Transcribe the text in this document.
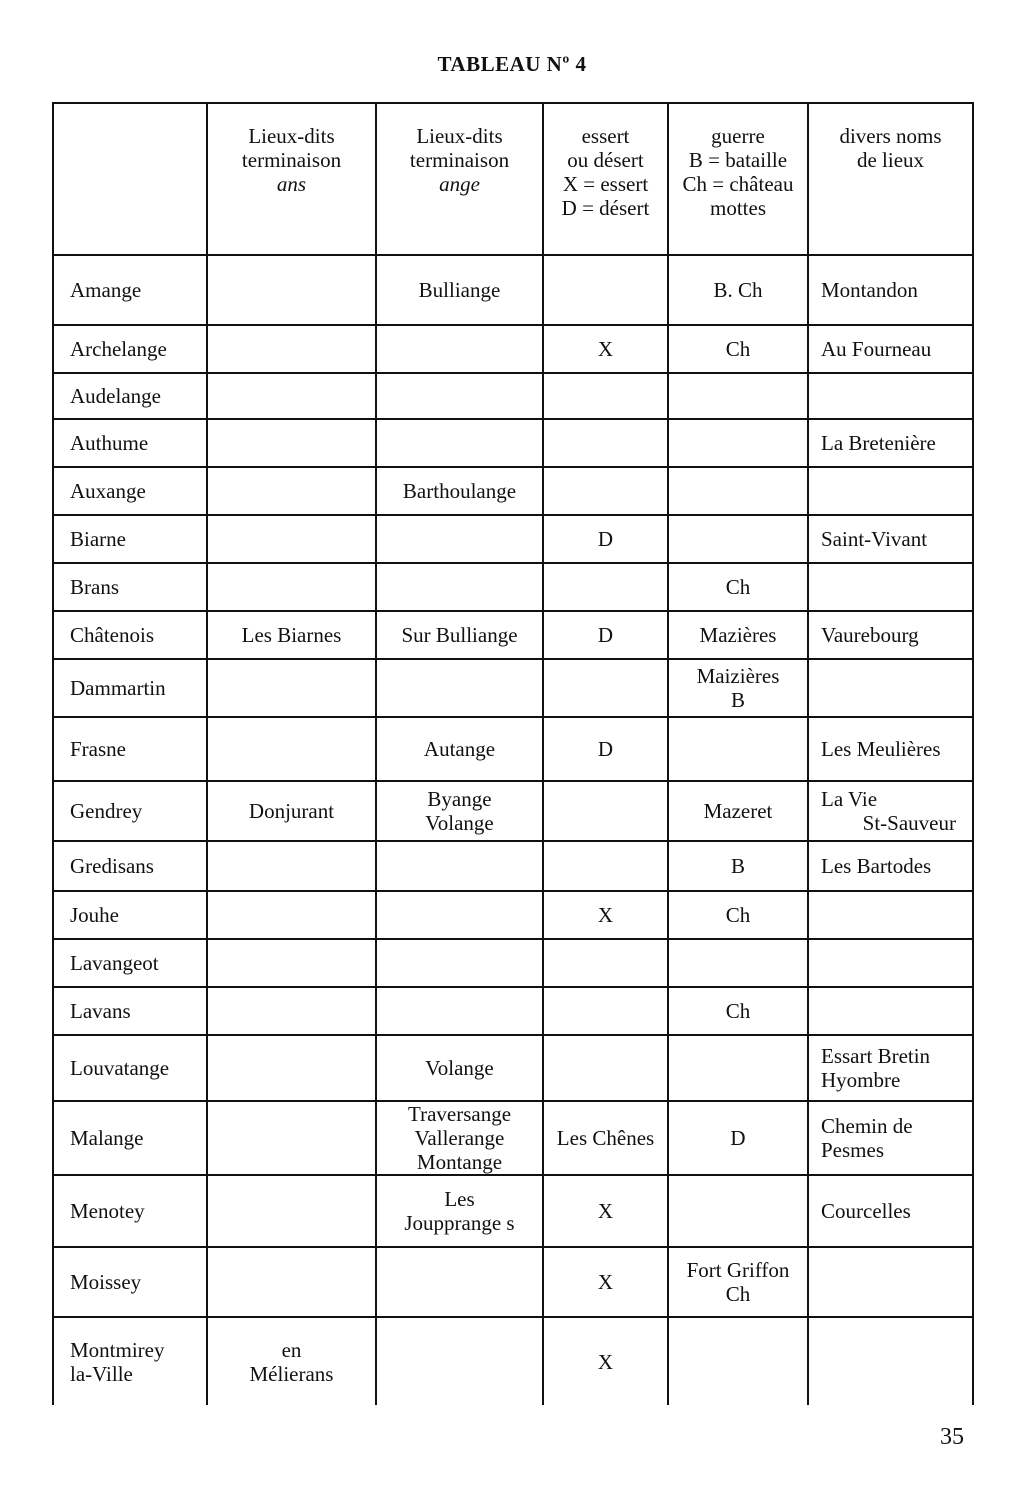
TABLEAU Nº 4

	Lieux-dits
terminaison
ans	Lieux-dits
terminaison
ange	essert
ou désert
X = essert
D = désert	guerre
B = bataille
Ch = château
mottes	divers noms
de lieux

Amange		Bulliange		B. Ch	Montandon

Archelange			X	Ch	Au Fourneau

Audelange					

Authume					La Bretenière

Auxange		Barthoulange			

Biarne			D		Saint-Vivant

Brans				Ch	

Châtenois	Les Biarnes	Sur Bulliange	D	Mazières	Vaurebourg

Dammartin				Maizières
B	

Frasne		Autange	D		Les Meulières

Gendrey	Donjurant	Byange
Volange		Mazeret	La Vie
St-Sauveur

Gredisans				B	Les Bartodes

Jouhe			X	Ch	

Lavangeot					

Lavans				Ch	

Louvatange		Volange			Essart Bretin
Hyombre

Malange		Traversange
Vallerange
Montange	Les Chênes	D	Chemin de
Pesmes

Menotey		Les
Joupprange s	X		Courcelles

Moissey			X	Fort Griffon
Ch	

Montmirey
la-Ville	en
Mélierans		X		

35
